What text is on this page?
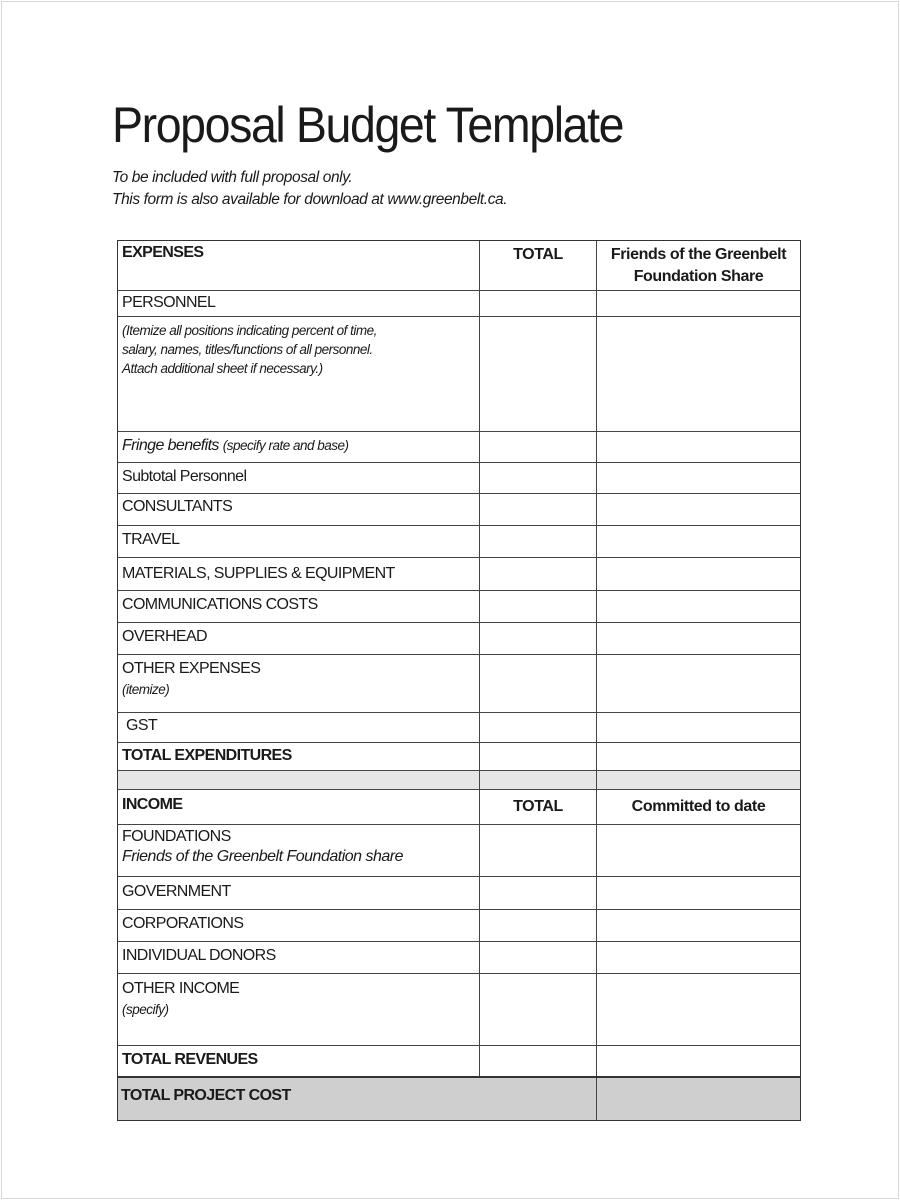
Proposal Budget Template
To be included with full proposal only.
This form is also available for download at www.greenbelt.ca.
EXPENSES	TOTAL	Friends of the Greenbelt Foundation Share
PERSONNEL
(Itemize all positions indicating percent of time,
salary, names, titles/functions of all personnel.
Attach additional sheet if necessary.)
Fringe benefits (specify rate and base)
Subtotal Personnel
CONSULTANTS
TRAVEL
MATERIALS, SUPPLIES & EQUIPMENT
COMMUNICATIONS COSTS
OVERHEAD
OTHER EXPENSES
(itemize)
GST
TOTAL EXPENDITURES
INCOME	TOTAL	Committed to date
FOUNDATIONS
Friends of the Greenbelt Foundation share
GOVERNMENT
CORPORATIONS
INDIVIDUAL DONORS
OTHER INCOME
(specify)
TOTAL REVENUES
TOTAL PROJECT COST
